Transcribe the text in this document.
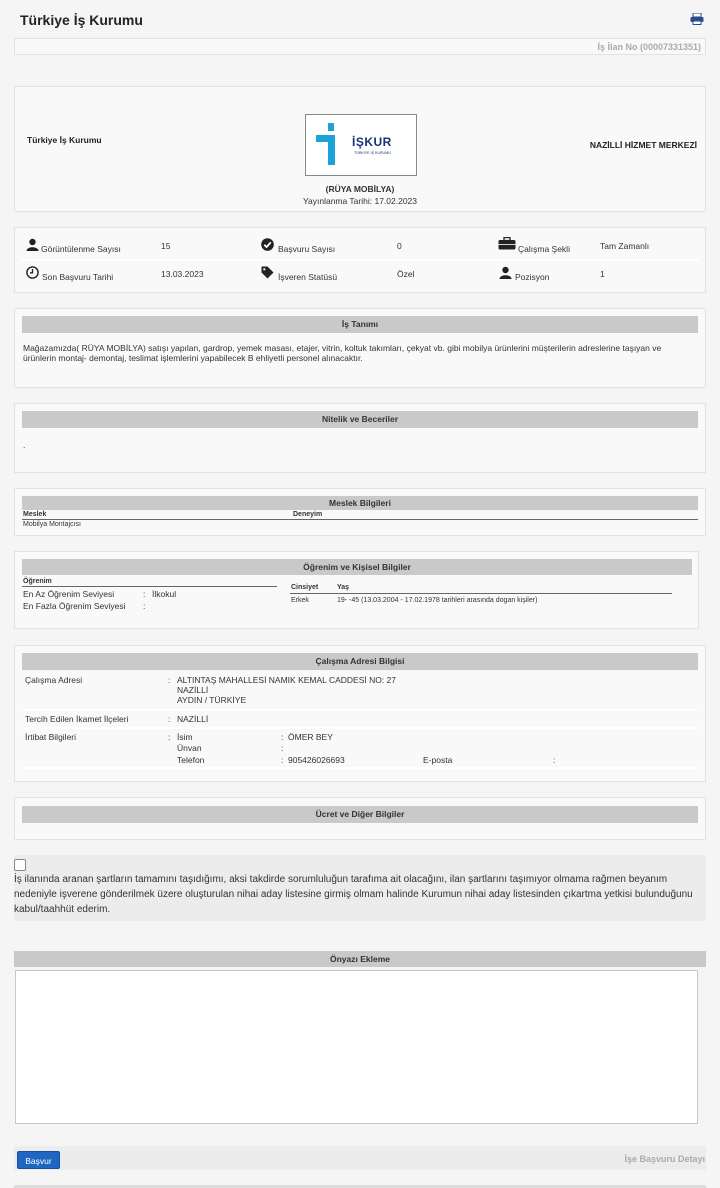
Türkiye İş Kurumu
İş İlan No (00007331351)
Türkiye İş Kurumu	İŞKUR
TÜRKİYE İŞ KURUMU
NAZİLLİ HİZMET MERKEZİ
(RÜYA MOBİLYA)
Yayınlanma Tarihi: 17.02.2023
Görüntülenme Sayısı	15	Başvuru Sayısı	0	Çalışma Şekli	Tam Zamanlı
Son Başvuru Tarihi	13.03.2023	İşveren Statüsü	Özel	Pozisyon	1
İş Tanımı
Mağazamızda( RÜYA MOBİLYA) satışı yapılan, gardrop, yemek masası, etajer, vitrin, koltuk takımları, çekyat vb. gibi mobilya ürünlerini müşterilerin adreslerine taşıyan ve
ürünlerin montaj- demontaj, teslimat işlemlerini yapabilecek B ehliyetli personel alınacaktır.
Nitelik ve Beceriler
.
Meslek Bilgileri
Meslek	Deneyim
Mobilya Montajcısı
Öğrenim ve Kişisel Bilgiler
Öğrenim
En Az Öğrenim Seviyesi	: İlkokul
En Fazla Öğrenim Seviyesi :
Cinsiyet	Yaş
Erkek	19- -45 (13.03.2004 - 17.02.1978 tarihleri arasında dogan kişiler)
Çalışma Adresi Bilgisi
Çalışma Adresi	: ALTINTAŞ MAHALLESİ NAMIK KEMAL CADDESİ NO: 27
NAZİLLİ
AYDIN / TÜRKİYE
Tercih Edilen İkamet İlçeleri	: NAZİLLİ
İrtibat Bilgileri	: İsim	: ÖMER BEY
Ünvan	:
Telefon	: 905426026693	E-posta	:
Ücret ve Diğer Bilgiler
İş ilanında aranan şartların tamamını taşıdığımı, aksi takdirde sorumluluğun tarafıma ait olacağını, ilan şartlarını taşımıyor olmama rağmen beyanım
nedeniyle işverene gönderilmek üzere oluşturulan nihai aday listesine girmiş olmam halinde Kurumun nihai aday listesinden çıkartma yetkisi bulunduğunu
kabul/taahhüt ederim.
Önyazı Ekleme
Başvur	İşe Başvuru Detayı
